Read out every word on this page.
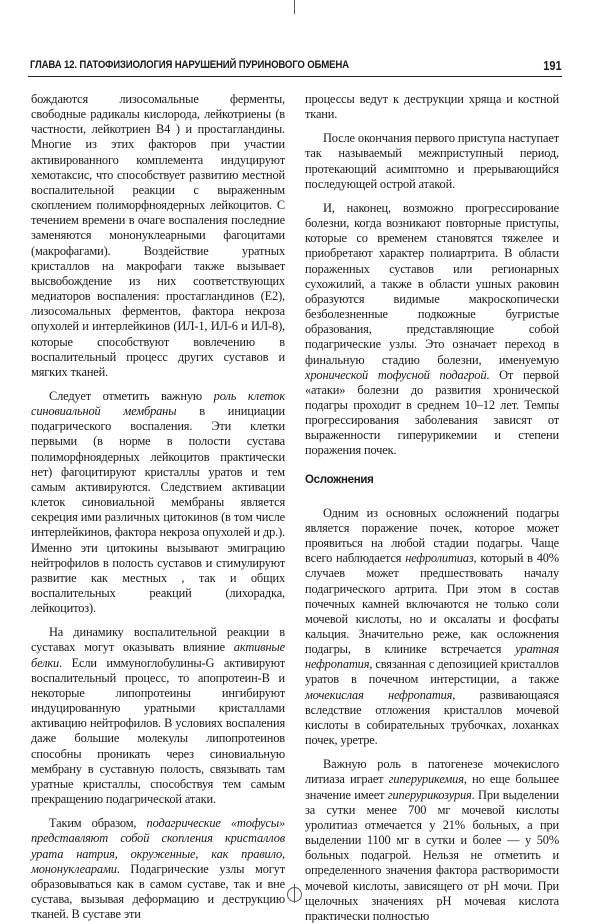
ГЛАВА 12. ПАТОФИЗИОЛОГИЯ НАРУШЕНИЙ ПУРИНОВОГО ОБМЕНА	191

бождаются лизосомальные ферменты, свободные радикалы кислорода, лейкотриены (в частности, лейкотриен B4 ) и простагландины. Многие из этих факторов при участии активированного комплемента индуцируют хемотаксис, что способствует развитию местной воспалительной реакции с выраженным скоплением полиморфноядерных лейкоцитов. С течением времени в очаге воспаления последние заменяются мононуклеарными фагоцитами (макрофагами). Воздействие уратных кристаллов на макрофаги также вызывает высвобождение из них соответствующих медиаторов воспаления: простагландинов (Е2), лизосомальных ферментов, фактора некроза опухолей и интерлейкинов (ИЛ-1, ИЛ-6 и ИЛ-8), которые способствуют вовлечению в воспалительный процесс других суставов и мягких тканей.

Следует отметить важную роль клеток синовиальной мембраны в инициации подагрического воспаления. Эти клетки первыми (в норме в полости сустава полиморфноядерных лейкоцитов практически нет) фагоцитируют кристаллы уратов и тем самым активируются. Следствием активации клеток синовиальной мембраны является секреция ими различных цитокинов (в том числе интерлейкинов, фактора некроза опухолей и др.). Именно эти цитокины вызывают эмиграцию нейтрофилов в полость суставов и стимулируют развитие как местных , так и общих воспалительных реакций (лихорадка, лейкоцитоз).

На динамику воспалительной реакции в суставах могут оказывать влияние активные белки. Если иммуноглобулины-G активируют воспалительный процесс, то апопротеин-B и некоторые липопротеины ингибируют индуцированную уратными кристаллами активацию нейтрофилов. В условиях воспаления даже большие молекулы липопротеинов способны проникать через синовиальную мембрану в суставную полость, связывать там уратные кристаллы, способствуя тем самым прекращению подагрической атаки.

Таким образом, подагрические «тофусы» представляют собой скопления кристаллов урата натрия, окруженные, как правило, мононуклеарами. Подагрические узлы могут образовываться как в самом суставе, так и вне сустава, вызывая деформацию и деструкцию тканей. В суставе эти

процессы ведут к деструкции хряща и костной ткани.

После окончания первого приступа наступает так называемый межприступный период, протекающий асимптомно и прерывающийся последующей острой атакой.

И, наконец, возможно прогрессирование болезни, когда возникают повторные приступы, которые со временем становятся тяжелее и приобретают характер полиартрита. В области пораженных суставов или регионарных сухожилий, а также в области ушных раковин образуются видимые макроскопически безболезненные подкожные бугристые образования, представляющие собой подагрические узлы. Это означает переход в финальную стадию болезни, именуемую хронической тофусной подагрой. От первой «атаки» болезни до развития хронической подагры проходит в среднем 10–12 лет. Темпы прогрессирования заболевания зависят от выраженности гиперурикемии и степени поражения почек.

Осложнения

Одним из основных осложнений подагры является поражение почек, которое может проявиться на любой стадии подагры. Чаще всего наблюдается нефролитиаз, который в 40% случаев может предшествовать началу подагрического артрита. При этом в состав почечных камней включаются не только соли мочевой кислоты, но и оксалаты и фосфаты кальция. Значительно реже, как осложнения подагры, в клинике встречается уратная нефропатия, связанная с депозицией кристаллов уратов в почечном интерстиции, а также мочекислая нефропатия, развивающаяся вследствие отложения кристаллов мочевой кислоты в собирательных трубочках, лоханках почек, уретре.

Важную роль в патогенезе мочекислого литиаза играет гиперурикемия, но еще большее значение имеет гиперурикозурия. При выделении за сутки менее 700 мг мочевой кислоты уролитиаз отмечается у 21% больных, а при выделении 1100 мг в сутки и более — у 50% больных подагрой. Нельзя не отметить и определенного значения фактора растворимости мочевой кислоты, зависящего от рН мочи. При щелочных значениях рН мочевая кислота практически полностью
